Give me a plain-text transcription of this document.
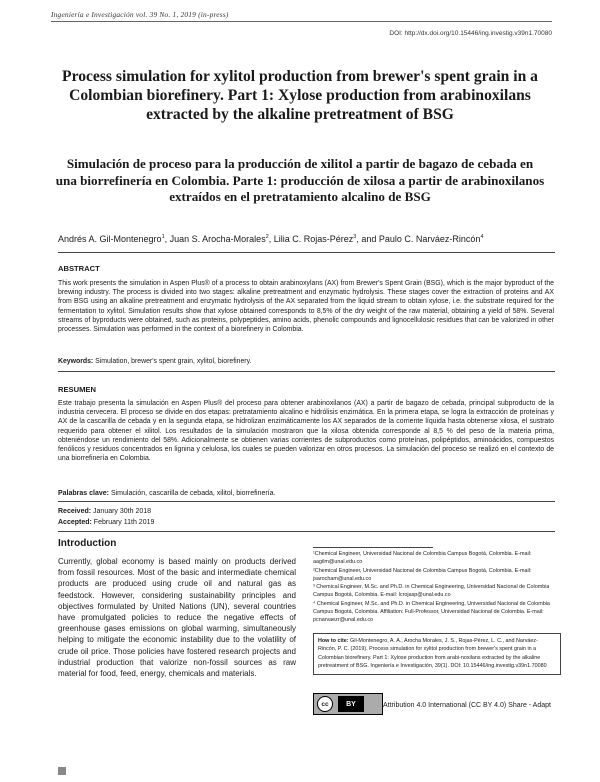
Ingeniería e Investigación vol. 39 No. 1, 2019 (in-press)
DOI: http://dx.doi.org/10.15446/ing.investig.v39n1.70080
Process simulation for xylitol production from brewer's spent grain in a Colombian biorefinery. Part 1: Xylose production from arabinoxilans extracted by the alkaline pretreatment of BSG
Simulación de proceso para la producción de xilitol a partir de bagazo de cebada en una biorrefinería en Colombia. Parte 1: producción de xilosa a partir de arabinoxilanos extraídos en el pretratamiento alcalino de BSG
Andrés A. Gil-Montenegro$^1$, Juan S. Arocha-Morales$^2$, Lilia C. Rojas-Pérez$^3$, and Paulo C. Narváez-Rincón$^4$
ABSTRACT
This work presents the simulation in Aspen Plus® of a process to obtain arabinoxylans (AX) from Brewer's Spent Grain (BSG), which is the major byproduct of the brewing industry. The process is divided into two stages: alkaline pretreatment and enzymatic hydrolysis. These stages cover the extraction of proteins and AX from BSG using an alkaline pretreatment and enzymatic hydrolysis of the AX separated from the liquid stream to obtain xylose, i.e. the substrate required for the fermentation to xylitol. Simulation results show that xylose obtained corresponds to 8,5% of the dry weight of the raw material, obtaining a yield of 58%. Several streams of byproducts were obtained, such as proteins, polypeptides, amino acids, phenolic compounds and lignocellulosic residues that can be valorized in other processes. Simulation was performed in the context of a biorefinery in Colombia.
Keywords: Simulation, brewer's spent grain, xylitol, biorefinery.
RESUMEN
Este trabajo presenta la simulación en Aspen Plus® del proceso para obtener arabinoxilanos (AX) a partir de bagazo de cebada, principal subproducto de la industria cervecera. El proceso se divide en dos etapas: pretratamiento alcalino e hidrólisis enzimática. En la primera etapa, se logra la extracción de proteínas y AX de la cascarilla de cebada y en la segunda etapa, se hidrolizan enzimáticamente los AX separados de la corriente líquida hasta obtenerse xilosa, el sustrato requerido para obtener el xilitol. Los resultados de la simulación mostraron que la xilosa obtenida corresponde al 8,5 % del peso de la materia prima, obteniéndose un rendimiento del 58%. Adicionalmente se obtienen varias corrientes de subproductos como proteínas, polipéptidos, aminoácidos, compuestos fenólicos y residuos concentrados en lignina y celulosa, los cuales se pueden valorizar en otros procesos. La simulación del proceso se realizó en el contexto de una biorrefinería en Colombia.
Palabras clave: Simulación, cascarilla de cebada, xilitol, biorrefinería.
Received: January 30th 2018
Accepted: February 11th 2019
Introduction
Currently, global economy is based mainly on products derived from fossil resources. Most of the basic and intermediate chemical products are produced using crude oil and natural gas as feedstock. However, considering sustainability principles and objectives formulated by United Nations (UN), several countries have promulgated policies to reduce the negative effects of greenhouse gases emissions on global warming, simultaneously helping to mitigate the economic instability due to the volatility of crude oil price. Those policies have fostered research projects and industrial production that valorize non-fossil sources as raw material for food, feed, energy, chemicals and materials.

¹Chemical Engineer, Universidad Nacional de Colombia Campus Bogotá, Colombia. E-mail: aagilm@unal.edu.co

²Chemical Engineer, Universidad Nacional de Colombia Campus Bogotá, Colombia. E-mail: jsarocham@unal.edu.co

³ Chemical Engineer, M.Sc. and Ph.D. in Chemical Engineering, Universidad Nacional de Colombia Campus Bogotá, Colombia. E-mail: lcrojasp@unal.edu.co

⁴ Chemical Engineer, M.Sc. and Ph.D. in Chemical Engineering, Universidad Nacional de Colombia Campus Bogotá, Colombia. Affiliation: Full-Professor, Universidad Nacional de Colombia. E-mail: pcnarvaezr@unal.edu.co

How to cite: Gil-Montenegro, A. A., Arocha Morales, J. S., Rojas-Pérez, L. C., and Narváez-Rincón, P. C. (2019). Process simulation for xylitol production from brewer's spent grain in a Colombian biorefinery. Part 1: Xylose production from arabi-noxilans extracted by the alkaline pretreatment of BSG. Ingeniería e Investigación, 39(1). DOI: 10.15446/ing.investig.v39n1.70080
cc	BY	Attribution 4.0 International (CC BY 4.0) Share - Adapt
